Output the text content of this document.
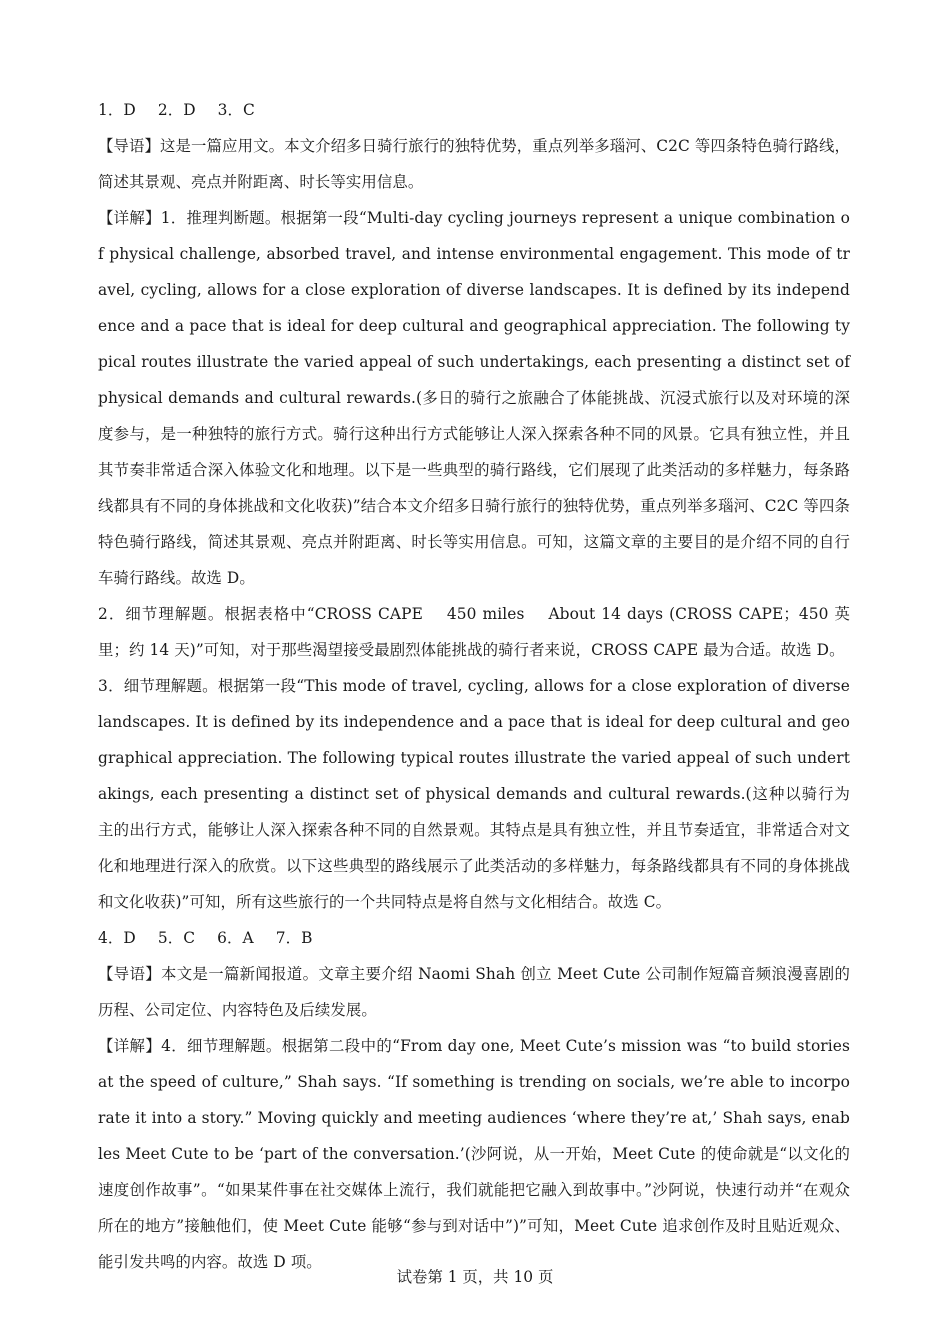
1．D 2．D 3．C

【导语】这是一篇应用文。本文介绍多日骑行旅行的独特优势，重点列举多瑙河、C2C 等四条特色骑行路线，简述其景观、亮点并附距离、时长等实用信息。

【详解】1．推理判断题。根据第一段“Multi-day cycling journeys represent a unique combination of physical challenge, absorbed travel, and intense environmental engagement. This mode of travel, cycling, allows for a close exploration of diverse landscapes. It is defined by its independence and a pace that is ideal for deep cultural and geographical appreciation. The following typical routes illustrate the varied appeal of such undertakings, each presenting a distinct set of physical demands and cultural rewards.(多日的骑行之旅融合了体能挑战、沉浸式旅行以及对环境的深度参与，是一种独特的旅行方式。骑行这种出行方式能够让人深入探索各种不同的风景。它具有独立性，并且其节奏非常适合深入体验文化和地理。以下是一些典型的骑行路线，它们展现了此类活动的多样魅力，每条路线都具有不同的身体挑战和文化收获)”结合本文介绍多日骑行旅行的独特优势，重点列举多瑙河、C2C 等四条特色骑行路线，简述其景观、亮点并附距离、时长等实用信息。可知，这篇文章的主要目的是介绍不同的自行车骑行路线。故选 D。

2．细节理解题。根据表格中“CROSS CAPE    450 miles    About 14 days (CROSS CAPE；450 英里；约 14 天)”可知，对于那些渴望接受最剧烈体能挑战的骑行者来说，CROSS CAPE 最为合适。故选 D。

3．细节理解题。根据第一段“This mode of travel, cycling, allows for a close exploration of diverse landscapes. It is defined by its independence and a pace that is ideal for deep cultural and geographical appreciation. The following typical routes illustrate the varied appeal of such undertakings, each presenting a distinct set of physical demands and cultural rewards.(这种以骑行为主的出行方式，能够让人深入探索各种不同的自然景观。其特点是具有独立性，并且节奏适宜，非常适合对文化和地理进行深入的欣赏。以下这些典型的路线展示了此类活动的多样魅力，每条路线都具有不同的身体挑战和文化收获)”可知，所有这些旅行的一个共同特点是将自然与文化相结合。故选 C。

4．D 5．C 6．A 7．B

【导语】本文是一篇新闻报道。文章主要介绍 Naomi Shah 创立 Meet Cute 公司制作短篇音频浪漫喜剧的历程、公司定位、内容特色及后续发展。

【详解】4．细节理解题。根据第二段中的“From day one, Meet Cute’s mission was “to build stories at the speed of culture,” Shah says. “If something is trending on socials, we’re able to incorporate it into a story.” Moving quickly and meeting audiences ‘where they’re at,’ Shah says, enables Meet Cute to be ‘part of the conversation.’(沙阿说，从一开始，Meet Cute 的使命就是“以文化的速度创作故事”。“如果某件事在社交媒体上流行，我们就能把它融入到故事中。”沙阿说，快速行动并“在观众所在的地方”接触他们，使 Meet Cute 能够“参与到对话中”)”可知，Meet Cute 追求创作及时且贴近观众、能引发共鸣的内容。故选 D 项。

试卷第 1 页，共 10 页
